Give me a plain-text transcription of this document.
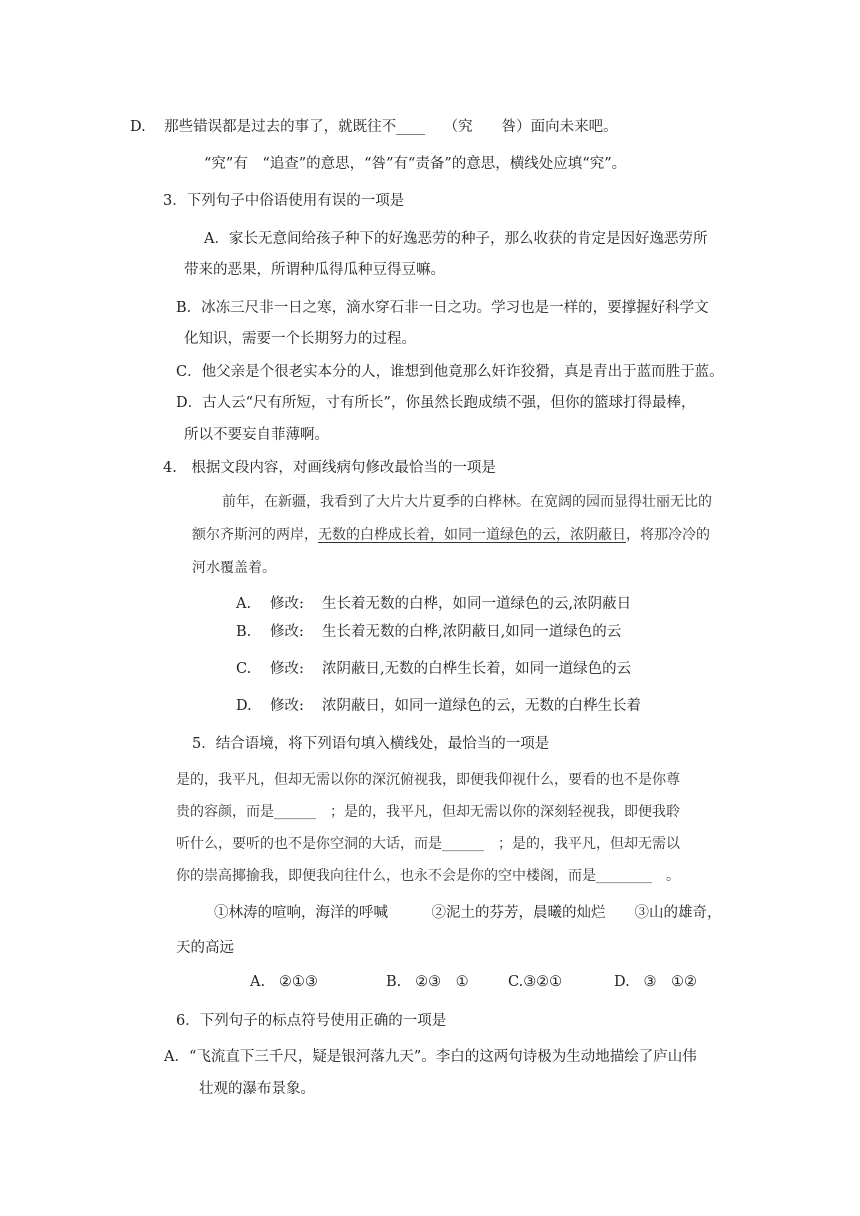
D. 那些错误都是过去的事了，就既往不____ （究　　咎）面向未来吧。
“究”有　“追查”的意思，“咎”有“责备”的意思，横线处应填“究”。
3．下列句子中俗语使用有误的一项是
A．家长无意间给孩子种下的好逸恶劳的种子，那么收获的肯定是因好逸恶劳所
带来的恶果，所谓种瓜得瓜种豆得豆嘛。
B．冰冻三尺非一日之寒，滴水穿石非一日之功。学习也是一样的，要撑握好科学文
化知识，需要一个长期努力的过程。
C．他父亲是个很老实本分的人，谁想到他竟那么奸诈狡猾，真是青出于蓝而胜于蓝。
D．古人云“尺有所短，寸有所长”，你虽然长跑成绩不强，但你的篮球打得最棒，
所以不要妄自菲薄啊。
4.　根据文段内容，对画线病句修改最恰当的一项是
前年，在新疆，我看到了大片大片夏季的白桦林。在宽阔的园而显得壮丽无比的
额尔齐斯河的两岸，无数的白桦成长着，如同一道绿色的云，浓阴蔽日，将那冷冷的
河水覆盖着。
A. 修改: 生长着无数的白桦，如同一道绿色的云,浓阴蔽日
B. 修改: 生长着无数的白桦,浓阴蔽日,如同一道绿色的云
C. 修改: 浓阴蔽日,无数的白桦生长着，如同一道绿色的云
D. 修改: 浓阴蔽日，如同一道绿色的云，无数的白桦生长着
5．结合语境，将下列语句填入横线处，最恰当的一项是
是的，我平凡，但却无需以你的深沉俯视我，即便我仰视什么，要看的也不是你尊
贵的容颜，而是______　；是的，我平凡，但却无需以你的深刻轻视我，即便我聆
听什么，要听的也不是你空洞的大话，而是______　；是的，我平凡，但却无需以
你的崇高揶揄我，即便我向往什么，也永不会是你的空中楼阁，而是________　。
①林涛的喧响，海洋的呼喊　　　②泥土的芬芳，晨曦的灿烂　　③山的雄奇，
天的高远
A. ②①③	B. ②③　①	C.③②①	D. ③　①②
6．下列句子的标点符号使用正确的一项是
A．“飞流直下三千尺，疑是银河落九天”。李白的这两句诗极为生动地描绘了庐山伟
壮观的瀑布景象。
